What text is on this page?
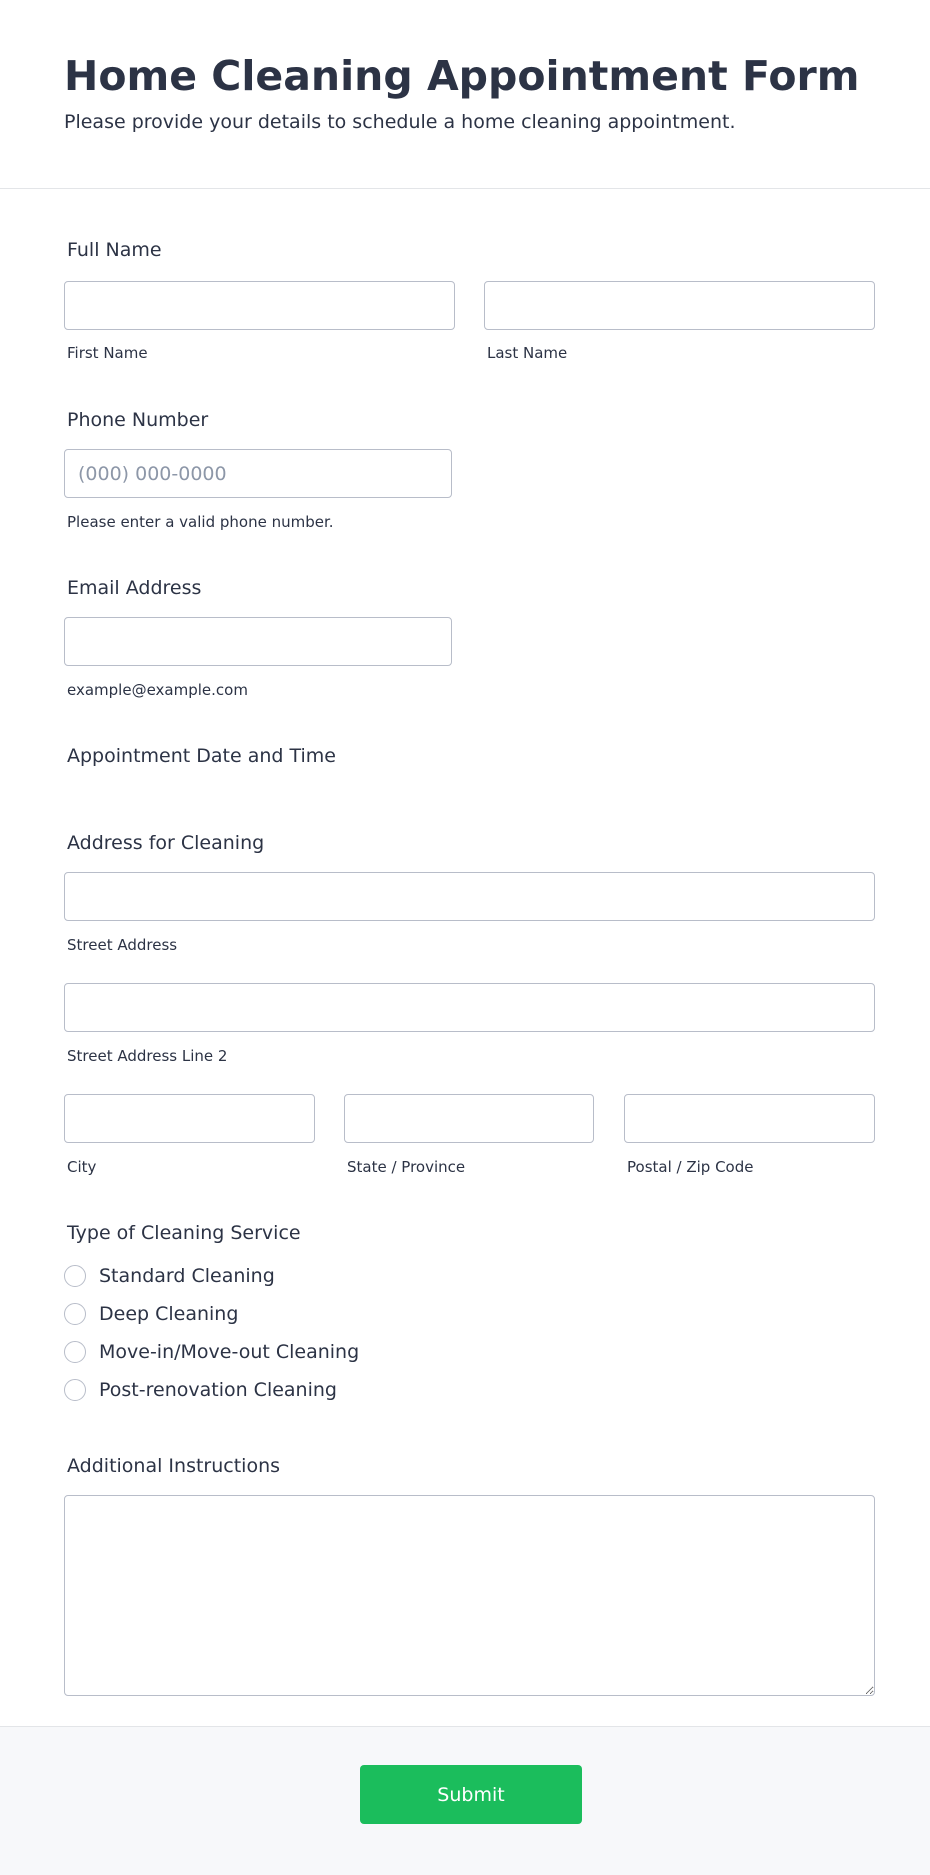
Home Cleaning Appointment Form

Please provide your details to schedule a home cleaning appointment.

Full Name
First Name	Last Name
Phone Number
(000) 000-0000
Please enter a valid phone number.
Email Address
example@example.com
Appointment Date and Time
Address for Cleaning
Street Address
Street Address Line 2
City	State / Province	Postal / Zip Code
Type of Cleaning Service
Standard Cleaning
Deep Cleaning
Move-in/Move-out Cleaning
Post-renovation Cleaning
Additional Instructions
Submit
